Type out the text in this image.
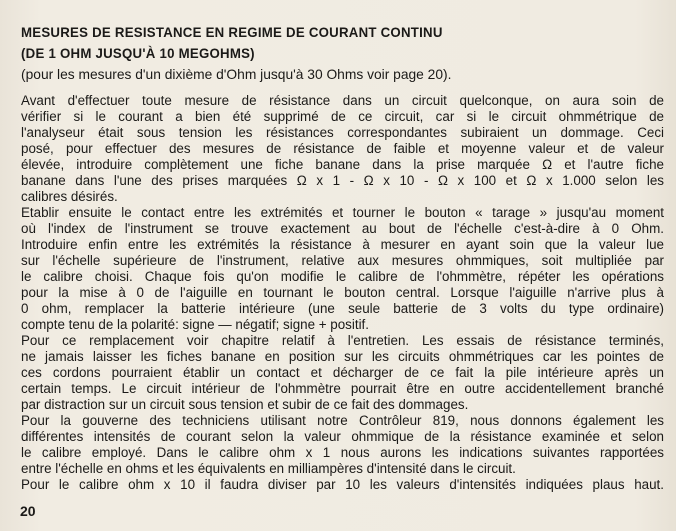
MESURES DE RESISTANCE EN REGIME DE COURANT CONTINU
(DE 1 OHM JUSQU'À 10 MEGOHMS)
(pour les mesures d'un dixième d'Ohm jusqu'à 30 Ohms voir page 20).
Avant d'effectuer toute mesure de résistance dans un circuit quelconque, on aura soin de
vérifier si le courant a bien été supprimé de ce circuit, car si le circuit ohmmétrique de
l'analyseur était sous tension les résistances correspondantes subiraient un dommage. Ceci
posé, pour effectuer des mesures de résistance de faible et moyenne valeur et de valeur
élevée, introduire complètement une fiche banane dans la prise marquée Ω et l'autre fiche
banane dans l'une des prises marquées Ω x 1 - Ω x 10 - Ω x 100 et Ω x 1.000 selon les
calibres désirés.
Etablir ensuite le contact entre les extrémités et tourner le bouton « tarage » jusqu'au moment
où l'index de l'instrument se trouve exactement au bout de l'échelle c'est-à-dire à 0 Ohm.
Introduire enfin entre les extrémités la résistance à mesurer en ayant soin que la valeur lue
sur l'échelle supérieure de l'instrument, relative aux mesures ohmmiques, soit multipliée par
le calibre choisi. Chaque fois qu'on modifie le calibre de l'ohmmètre, répéter les opérations
pour la mise à 0 de l'aiguille en tournant le bouton central. Lorsque l'aiguille n'arrive plus à
0 ohm, remplacer la batterie intérieure (une seule batterie de 3 volts du type ordinaire)
compte tenu de la polarité: signe — négatif; signe + positif.
Pour ce remplacement voir chapitre relatif à l'entretien. Les essais de résistance terminés,
ne jamais laisser les fiches banane en position sur les circuits ohmmétriques car les pointes de
ces cordons pourraient établir un contact et décharger de ce fait la pile intérieure après un
certain temps. Le circuit intérieur de l'ohmmètre pourrait être en outre accidentellement branché
par distraction sur un circuit sous tension et subir de ce fait des dommages.
Pour la gouverne des techniciens utilisant notre Contrôleur 819, nous donnons également les
différentes intensités de courant selon la valeur ohmmique de la résistance examinée et selon
le calibre employé. Dans le calibre ohm x 1 nous aurons les indications suivantes rapportées
entre l'échelle en ohms et les équivalents en milliampères d'intensité dans le circuit.
Pour le calibre ohm x 10 il faudra diviser par 10 les valeurs d'intensités indiquées plaus haut.
20
